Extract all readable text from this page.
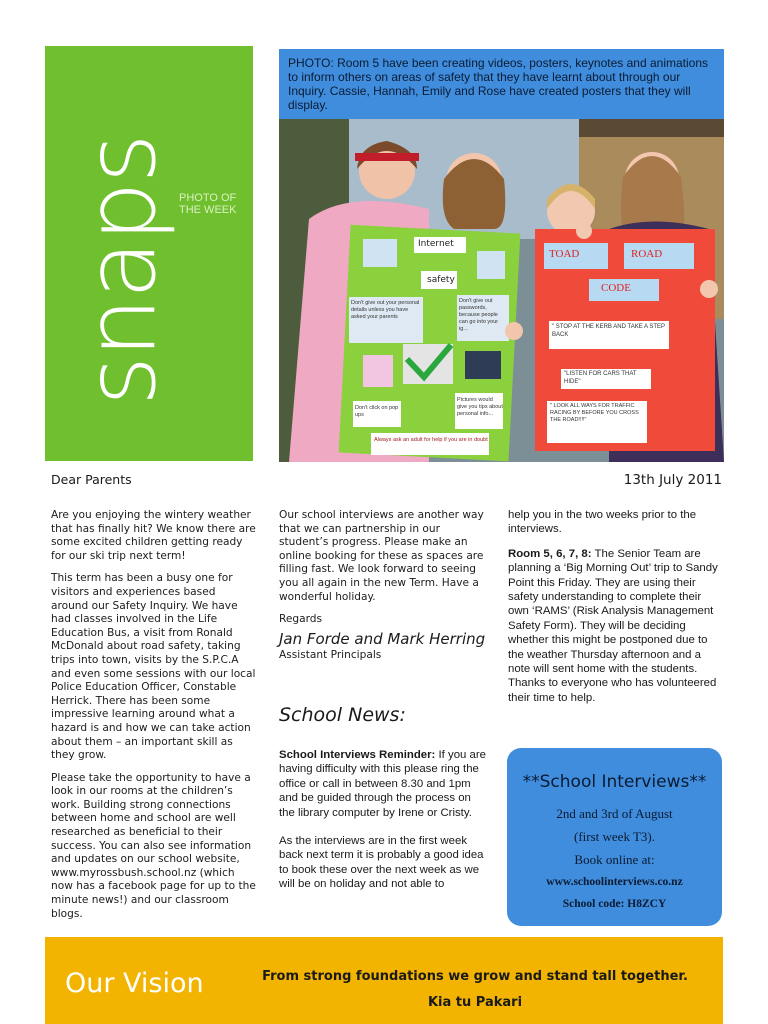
snaps PHOTO OF THE WEEK
PHOTO: Room 5 have been creating videos, posters, keynotes and animations to inform others on areas of safety that they have learnt about through our Inquiry. Cassie, Hannah, Emily and Rose have created posters that they will display.
Internet
safety
Don't give out your personal details unless you have asked your parents
Don't give out passwords, because people can go into your ig...
Don't click on pop ups
Pictures would give you tips about personal info...
Always ask an adult for help if you are in doubt
TOAD	ROAD
CODE
" STOP AT THE KERB AND TAKE A STEP BACK
"LISTEN FOR CARS THAT HIDE"
" LOOK ALL WAYS FOR TRAFFIC RACING BY BEFORE YOU CROSS THE ROAD!!!!"
Dear Parents	13th July 2011

Are you enjoying the wintery weather that has finally hit? We know there are some excited children getting ready for our ski trip next term!

This term has been a busy one for visitors and experiences based around our Safety Inquiry. We have had classes involved in the Life Education Bus, a visit from Ronald McDonald about road safety, taking trips into town, visits by the S.P.C.A and even some sessions with our local Police Education Officer, Constable Herrick. There has been some impressive learning around what a hazard is and how we can take action about them – an important skill as they grow.

Please take the opportunity to have a look in our rooms at the children’s work. Building strong connections between home and school are well researched as beneficial to their success. You can also see information and updates on our school website, www.myrossbush.school.nz (which now has a facebook page for up to the minute news!) and our classroom blogs.

Our school interviews are another way that we can partnership in our student’s progress. Please make an online booking for these as spaces are filling fast. We look forward to seeing you all again in the new Term. Have a wonderful holiday.

Regards
Jan Forde and Mark Herring
Assistant Principals
School News:

School Interviews Reminder: If you are having difficulty with this please ring the office or call in between 8.30 and 1pm and be guided through the process on the library computer by Irene or Cristy.

As the interviews are in the first week back next term it is probably a good idea to book these over the next week as we will be on holiday and not able to

help you in the two weeks prior to the interviews.

Room 5, 6, 7, 8: The Senior Team are planning a ‘Big Morning Out’ trip to Sandy Point this Friday. They are using their safety understanding to complete their own ‘RAMS’ (Risk Analysis Management Safety Form). They will be deciding whether this might be postponed due to the weather Thursday afternoon and a note will sent home with the students. Thanks to everyone who has volunteered their time to help.

**School Interviews**
2nd and 3rd of August
(first week T3).
Book online at:
www.schoolinterviews.co.nz
School code: H8ZCY
Our Vision	From strong foundations we grow and stand tall together.
Kia tu Pakari
